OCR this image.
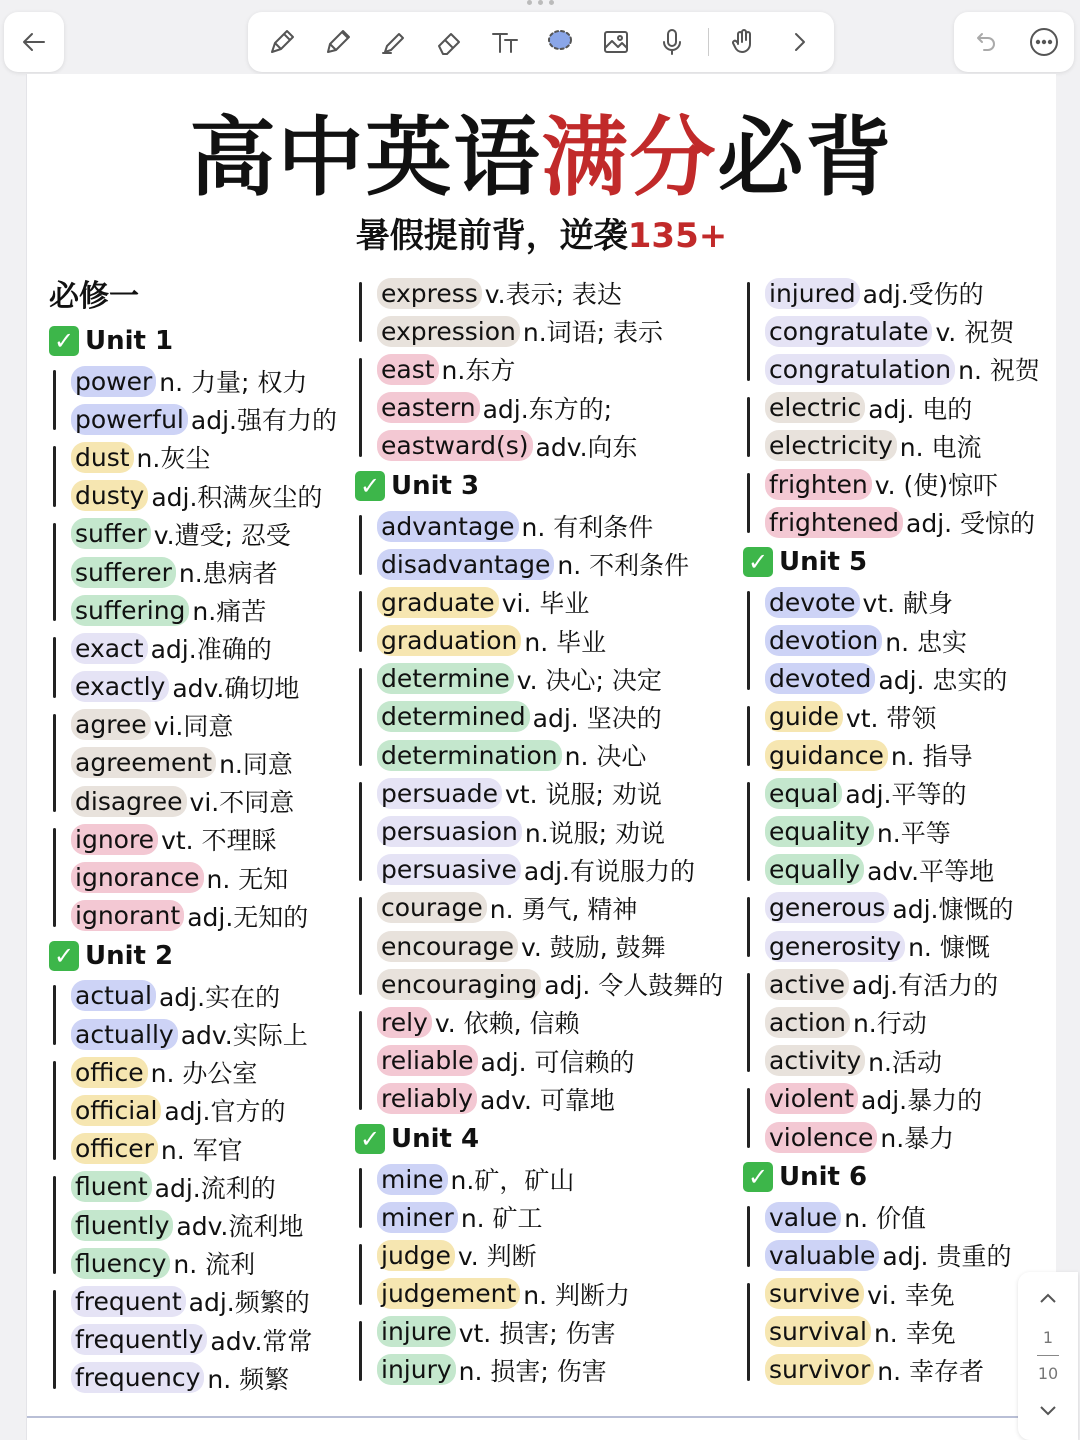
高中英语满分必背
暑假提前背，逆袭135+
必修一
✓ Unit 1
power n. 力量; 权力
powerful adj.强有力的
dust n.灰尘
dusty adj.积满灰尘的
suffer v.遭受; 忍受
sufferer n.患病者
suffering n.痛苦
exact adj.准确的
exactly adv.确切地
agree vi.同意
agreement n.同意
disagree vi.不同意
ignore vt. 不理睬
ignorance n. 无知
ignorant adj.无知的
✓ Unit 2
actual adj.实在的
actually adv.实际上
office n. 办公室
official adj.官方的
officer n. 军官
fluent adj.流利的
fluently adv.流利地
fluency n. 流利
frequent adj.频繁的
frequently adv.常常
frequency n. 频繁
express v.表示; 表达
expression n.词语; 表示
east n.东方
eastern adj.东方的;
eastward(s) adv.向东
✓ Unit 3
advantage n. 有利条件
disadvantage n. 不利条件
graduate vi. 毕业
graduation n. 毕业
determine v. 决心; 决定
determined adj. 坚决的
determination n. 决心
persuade vt. 说服; 劝说
persuasion n.说服; 劝说
persuasive adj.有说服力的
courage n. 勇气, 精神
encourage v. 鼓励, 鼓舞
encouraging adj. 令人鼓舞的
rely v. 依赖, 信赖
reliable adj. 可信赖的
reliably adv. 可靠地
✓ Unit 4
mine n.矿，矿山
miner n. 矿工
judge v. 判断
judgement n. 判断力
injure vt. 损害; 伤害
injury n. 损害; 伤害
injured adj.受伤的
congratulate v. 祝贺
congratulation n. 祝贺
electric adj. 电的
electricity n. 电流
frighten v. (使)惊吓
frightened adj. 受惊的
✓ Unit 5
devote vt. 献身
devotion n. 忠实
devoted adj. 忠实的
guide vt. 带领
guidance n. 指导
equal adj.平等的
equality n.平等
equally adv.平等地
generous adj.慷慨的
generosity n. 慷慨
active adj.有活力的
action n.行动
activity n.活动
violent adj.暴力的
violence n.暴力
✓ Unit 6
value n. 价值
valuable adj. 贵重的
survive vi. 幸免
survival n. 幸免
survivor n. 幸存者
1
10
